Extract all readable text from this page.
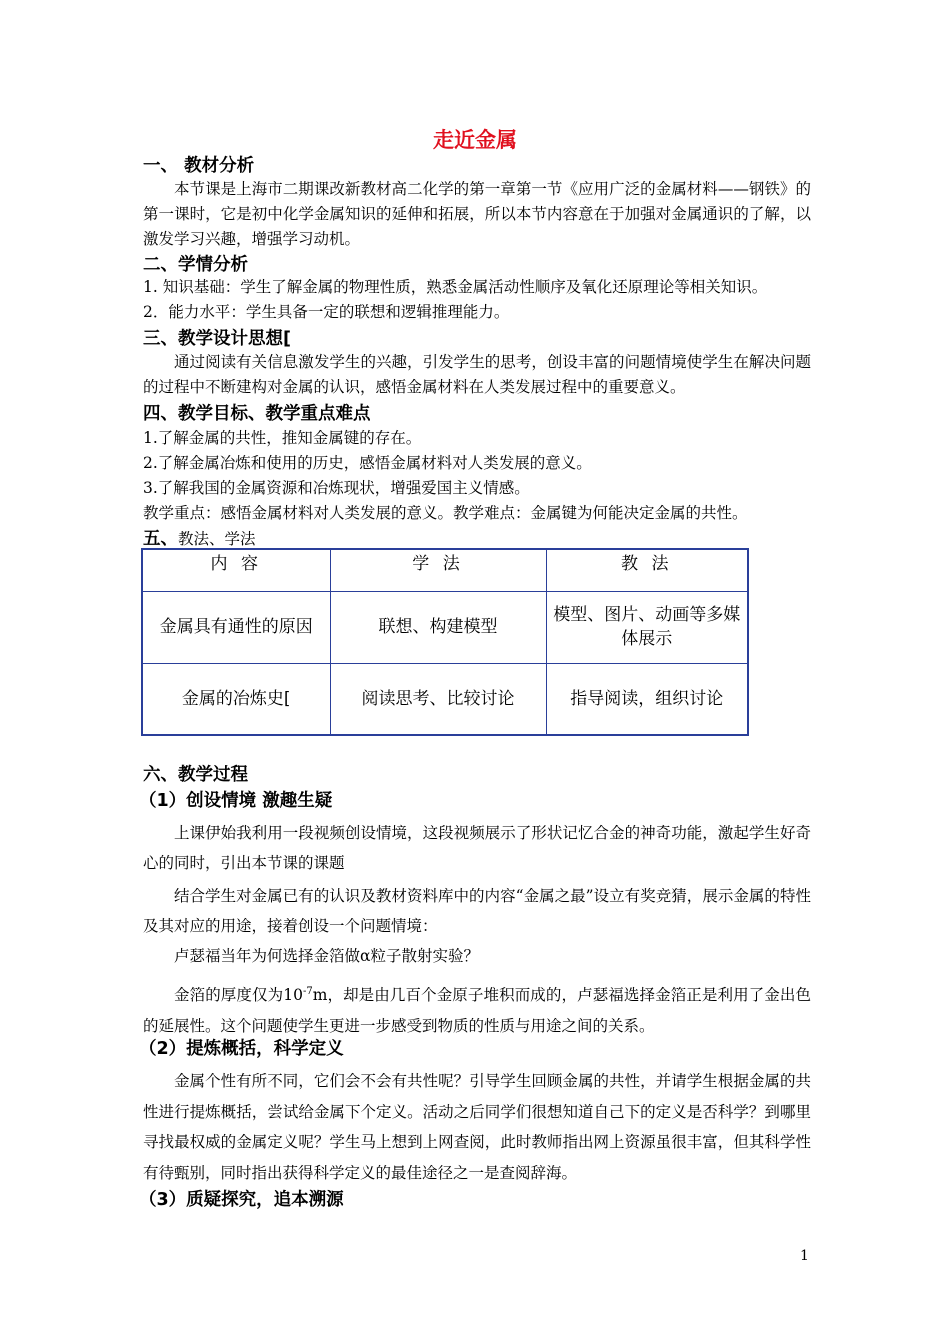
走近金属
一、 教材分析
本节课是上海市二期课改新教材高二化学的第一章第一节《应用广泛的金属材料——钢铁》的第一课时，它是初中化学金属知识的延伸和拓展，所以本节内容意在于加强对金属通识的了解，以激发学习兴趣，增强学习动机。
二、学情分析
1. 知识基础：学生了解金属的物理性质，熟悉金属活动性顺序及氧化还原理论等相关知识。
2．能力水平：学生具备一定的联想和逻辑推理能力。
三、教学设计思想[
通过阅读有关信息激发学生的兴趣，引发学生的思考，创设丰富的问题情境使学生在解决问题的过程中不断建构对金属的认识，感悟金属材料在人类发展过程中的重要意义。
四、教学目标、教学重点难点
1.了解金属的共性，推知金属键的存在。
2.了解金属冶炼和使用的历史，感悟金属材料对人类发展的意义。
3.了解我国的金属资源和冶炼现状，增强爱国主义情感。
教学重点：感悟金属材料对人类发展的意义。教学难点：金属键为何能决定金属的共性。
五、教法、学法
内 容	学 法	教 法
金属具有通性的原因	联想、构建模型	模型、图片、动画等多媒体展示
金属的冶炼史[	阅读思考、比较讨论	指导阅读，组织讨论
六、教学过程
（1）创设情境 激趣生疑
上课伊始我利用一段视频创设情境，这段视频展示了形状记忆合金的神奇功能，激起学生好奇心的同时，引出本节课的课题
结合学生对金属已有的认识及教材资料库中的内容“金属之最”设立有奖竞猜，展示金属的特性及其对应的用途，接着创设一个问题情境：
卢瑟福当年为何选择金箔做α粒子散射实验？
金箔的厚度仅为$10^{-7}m$，却是由几百个金原子堆积而成的，卢瑟福选择金箔正是利用了金出色的延展性。这个问题使学生更进一步感受到物质的性质与用途之间的关系。
（2）提炼概括，科学定义
金属个性有所不同，它们会不会有共性呢？引导学生回顾金属的共性，并请学生根据金属的共性进行提炼概括，尝试给金属下个定义。活动之后同学们很想知道自己下的定义是否科学？到哪里寻找最权威的金属定义呢？学生马上想到上网查阅，此时教师指出网上资源虽很丰富，但其科学性有待甄别，同时指出获得科学定义的最佳途径之一是查阅辞海。
（3）质疑探究，追本溯源
1
